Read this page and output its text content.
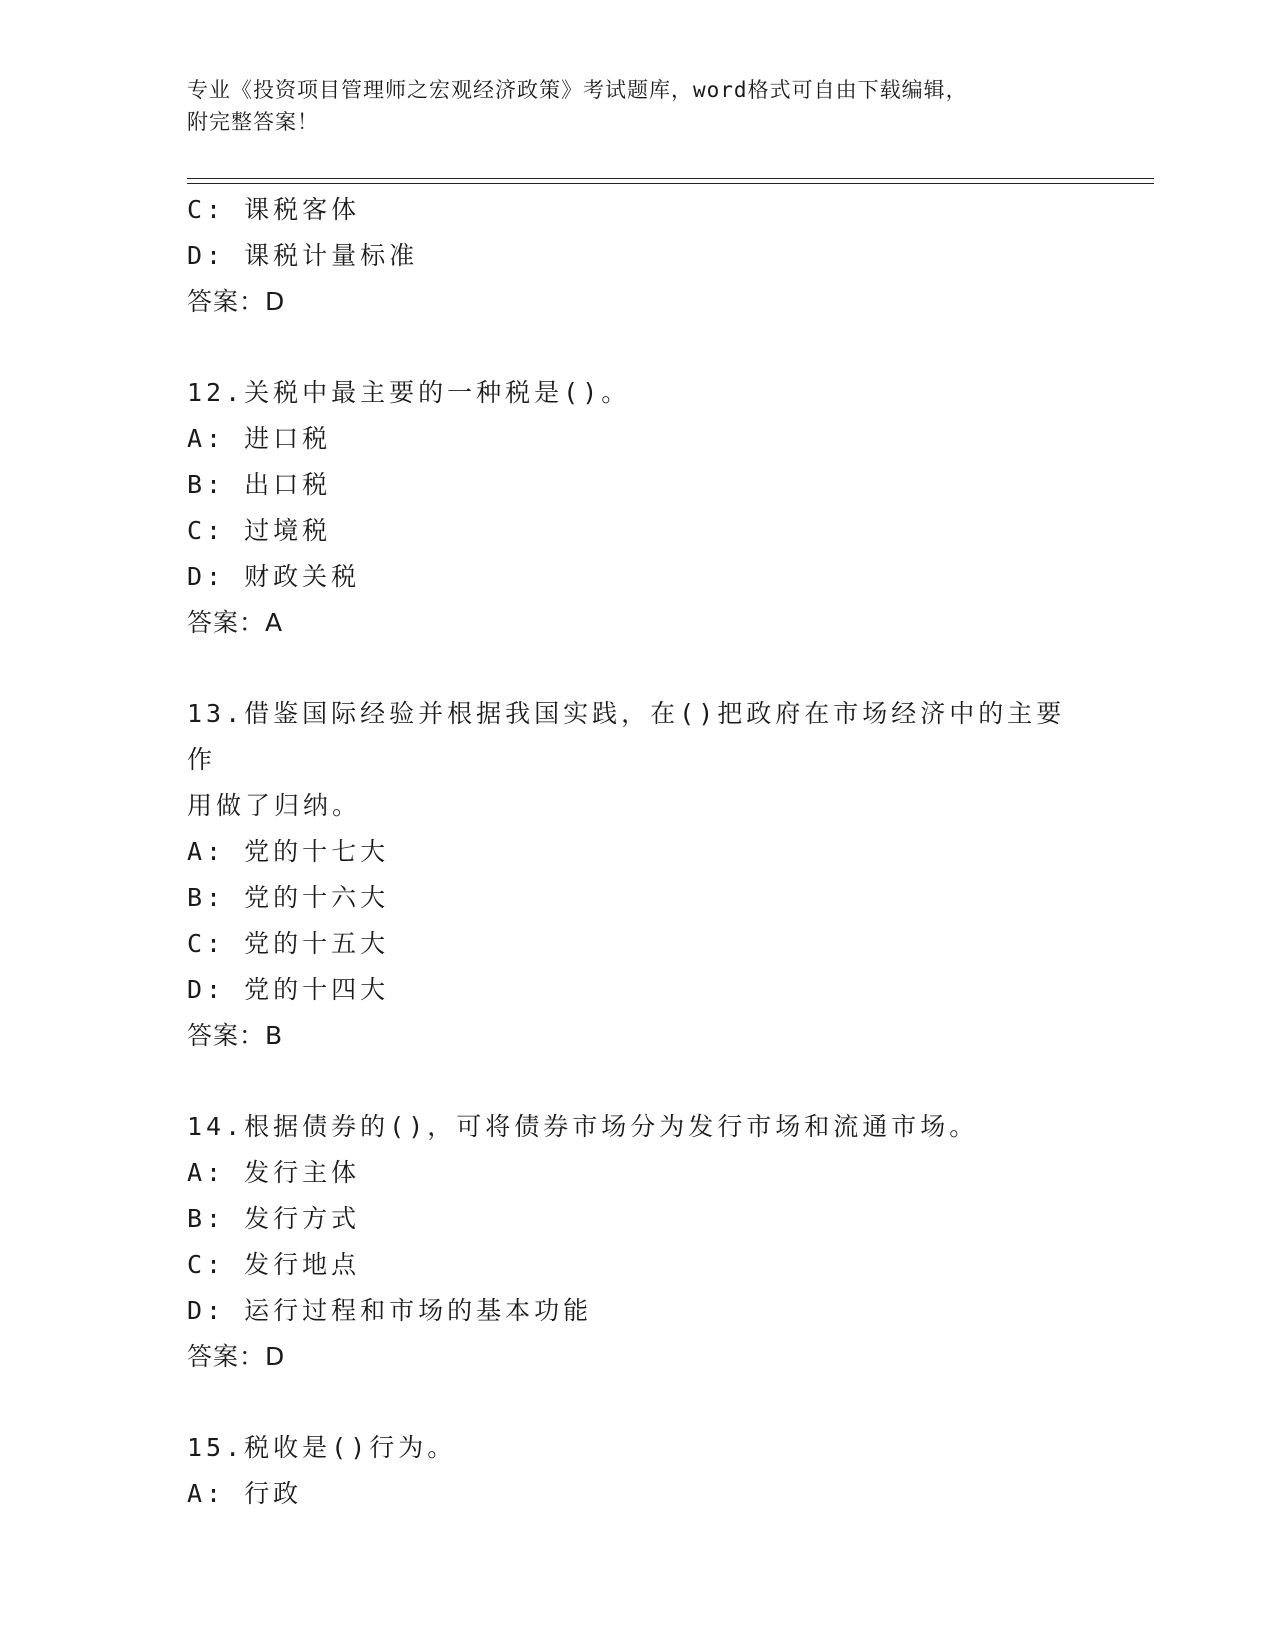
专业《投资项目管理师之宏观经济政策》考试题库，word格式可自由下载编辑，
附完整答案！
C: 课税客体
D: 课税计量标准
答案：D
12.关税中最主要的一种税是()。
A: 进口税
B: 出口税
C: 过境税
D: 财政关税
答案：A
13.借鉴国际经验并根据我国实践，在()把政府在市场经济中的主要作
用做了归纳。
A: 党的十七大
B: 党的十六大
C: 党的十五大
D: 党的十四大
答案：B
14.根据债券的()，可将债券市场分为发行市场和流通市场。
A: 发行主体
B: 发行方式
C: 发行地点
D: 运行过程和市场的基本功能
答案：D
15.税收是()行为。
A: 行政
